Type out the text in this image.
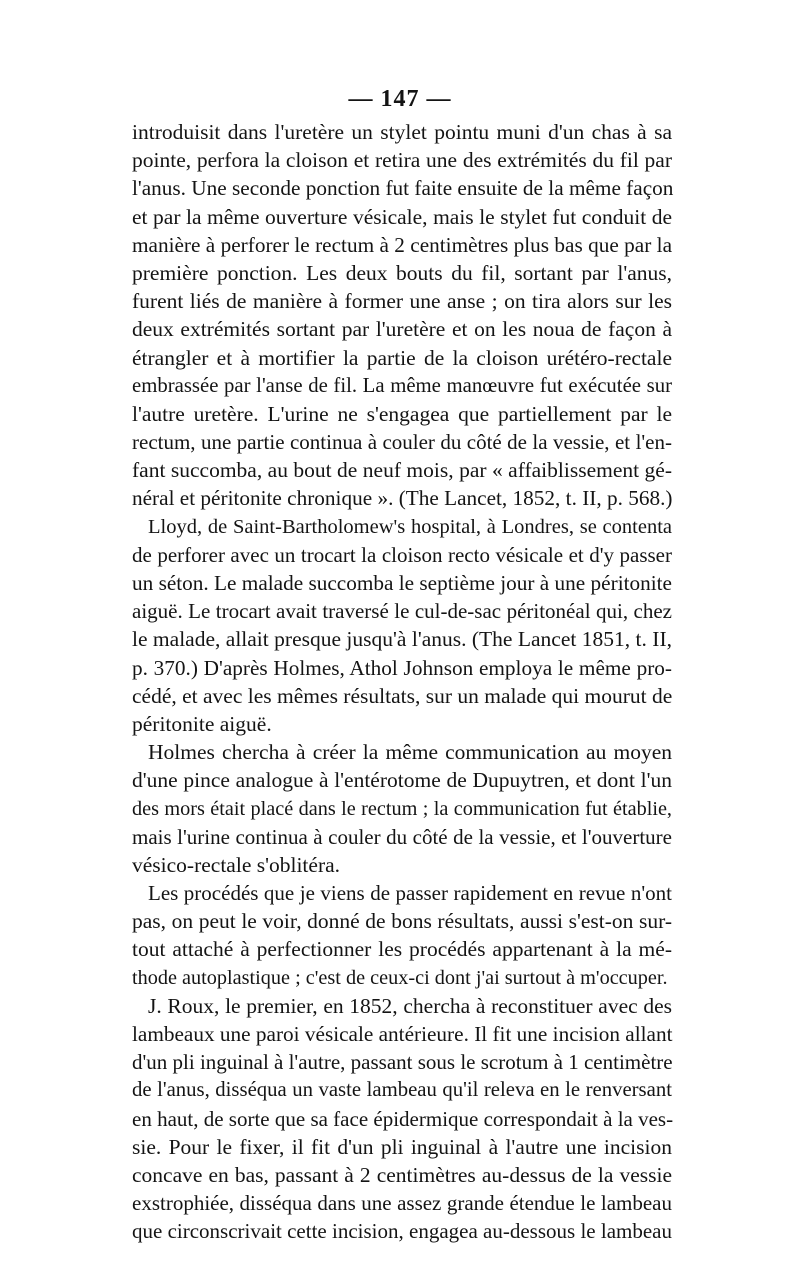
— 147 —
introduisit dans l'uretère un stylet pointu muni d'un chas à sa
pointe, perfora la cloison et retira une des extrémités du fil par
l'anus. Une seconde ponction fut faite ensuite de la même façon
et par la même ouverture vésicale, mais le stylet fut conduit de
manière à perforer le rectum à 2 centimètres plus bas que par la
première ponction. Les deux bouts du fil, sortant par l'anus,
furent liés de manière à former une anse ; on tira alors sur les
deux extrémités sortant par l'uretère et on les noua de façon à
étrangler et à mortifier la partie de la cloison urétéro-rectale
embrassée par l'anse de fil. La même manœuvre fut exécutée sur
l'autre uretère. L'urine ne s'engagea que partiellement par le
rectum, une partie continua à couler du côté de la vessie, et l'en-
fant succomba, au bout de neuf mois, par « affaiblissement gé-
néral et péritonite chronique ». (The Lancet, 1852, t. II, p. 568.)
Lloyd, de Saint-Bartholomew's hospital, à Londres, se contenta
de perforer avec un trocart la cloison recto vésicale et d'y passer
un séton. Le malade succomba le septième jour à une péritonite
aiguë. Le trocart avait traversé le cul-de-sac péritonéal qui, chez
le malade, allait presque jusqu'à l'anus. (The Lancet 1851, t. II,
p. 370.) D'après Holmes, Athol Johnson employa le même pro-
cédé, et avec les mêmes résultats, sur un malade qui mourut de
péritonite aiguë.
Holmes chercha à créer la même communication au moyen
d'une pince analogue à l'entérotome de Dupuytren, et dont l'un
des mors était placé dans le rectum ; la communication fut établie,
mais l'urine continua à couler du côté de la vessie, et l'ouverture
vésico-rectale s'oblitéra.
Les procédés que je viens de passer rapidement en revue n'ont
pas, on peut le voir, donné de bons résultats, aussi s'est-on sur-
tout attaché à perfectionner les procédés appartenant à la mé-
thode autoplastique ; c'est de ceux-ci dont j'ai surtout à m'occuper.
J. Roux, le premier, en 1852, chercha à reconstituer avec des
lambeaux une paroi vésicale antérieure. Il fit une incision allant
d'un pli inguinal à l'autre, passant sous le scrotum à 1 centimètre
de l'anus, disséqua un vaste lambeau qu'il releva en le renversant
en haut, de sorte que sa face épidermique correspondait à la ves-
sie. Pour le fixer, il fit d'un pli inguinal à l'autre une incision
concave en bas, passant à 2 centimètres au-dessus de la vessie
exstrophiée, disséqua dans une assez grande étendue le lambeau
que circonscrivait cette incision, engagea au-dessous le lambeau
